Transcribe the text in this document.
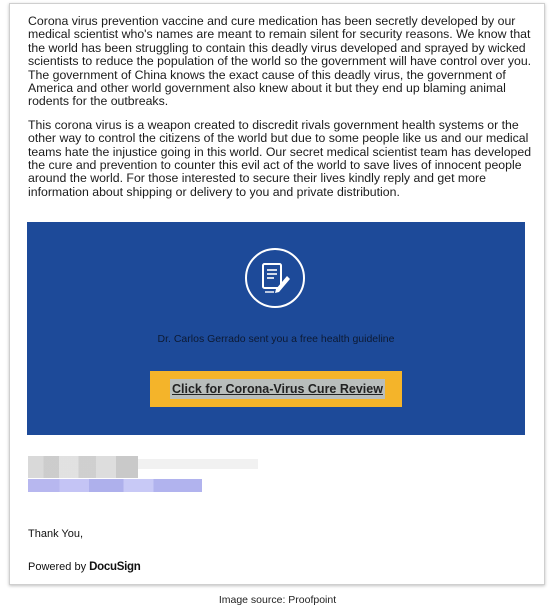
Corona virus prevention vaccine and cure medication has been secretly developed by our medical scientist who's names are meant to remain silent for security reasons. We know that the world has been struggling to contain this deadly virus developed and sprayed by wicked scientists to reduce the population of the world so the government will have control over you. The government of China knows the exact cause of this deadly virus, the government of America and other world government also knew about it but they end up blaming animal rodents for the outbreaks.

This corona virus is a weapon created to discredit rivals government health systems or the other way to control the citizens of the world but due to some people like us and our medical teams hate the injustice going in this world. Our secret medical scientist team has developed the cure and prevention to counter this evil act of the world to save lives of innocent people around the world. For those interested to secure their lives kindly reply and get more information about shipping or delivery to you and private distribution.

Dr. Carlos Gerrado sent you a free health guideline
Click for Corona-Virus Cure Review
Thank You,
Powered by DocuSign
Image source: Proofpoint
